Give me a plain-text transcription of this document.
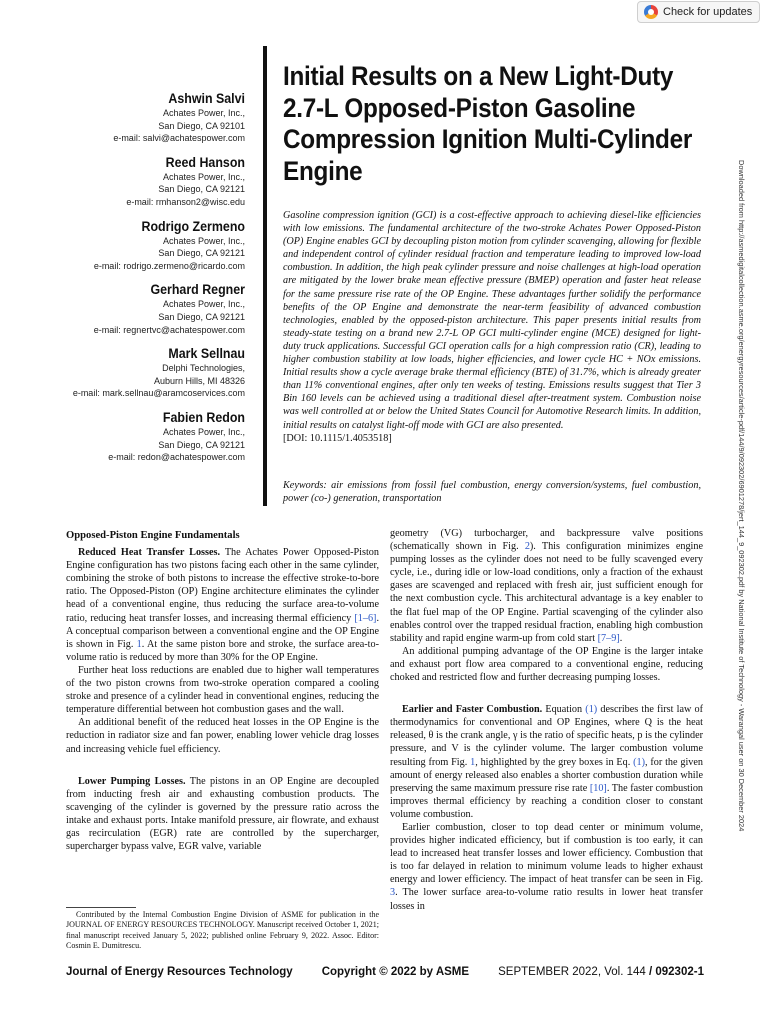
Check for updates
Ashwin Salvi
Achates Power, Inc.,
San Diego, CA 92101
e-mail: salvi@achatespower.com
Reed Hanson
Achates Power, Inc.,
San Diego, CA 92121
e-mail: rmhanson2@wisc.edu
Rodrigo Zermeno
Achates Power, Inc.,
San Diego, CA 92121
e-mail: rodrigo.zermeno@ricardo.com
Gerhard Regner
Achates Power, Inc.,
San Diego, CA 92121
e-mail: regnertvc@achatespower.com
Mark Sellnau
Delphi Technologies,
Auburn Hills, MI 48326
e-mail: mark.sellnau@aramcoservices.com
Fabien Redon
Achates Power, Inc.,
San Diego, CA 92121
e-mail: redon@achatespower.com
Initial Results on a New Light-Duty 2.7-L Opposed-Piston Gasoline Compression Ignition Multi-Cylinder Engine
Gasoline compression ignition (GCI) is a cost-effective approach to achieving diesel-like efficiencies with low emissions. The fundamental architecture of the two-stroke Achates Power Opposed-Piston (OP) Engine enables GCI by decoupling piston motion from cylinder scavenging, allowing for flexible and independent control of cylinder residual fraction and temperature leading to improved low-load combustion. In addition, the high peak cylinder pressure and noise challenges at high-load operation are mitigated by the lower brake mean effective pressure (BMEP) operation and faster heat release for the same pressure rise rate of the OP Engine. These advantages further solidify the performance benefits of the OP Engine and demonstrate the near-term feasibility of advanced combustion technologies, enabled by the opposed-piston architecture. This paper presents initial results from steady-state testing on a brand new 2.7-L OP GCI multi-cylinder engine (MCE) designed for light-duty truck applications. Successful GCI operation calls for a high compression ratio (CR), leading to higher combustion stability at low loads, higher efficiencies, and lower cycle HC + NOx emissions. Initial results show a cycle average brake thermal efficiency (BTE) of 31.7%, which is already greater than 11% conventional engines, after only ten weeks of testing. Emissions results suggest that Tier 3 Bin 160 levels can be achieved using a traditional diesel after-treatment system. Combustion noise was well controlled at or below the United States Council for Automotive Research limits. In addition, initial results on catalyst light-off mode with GCI are also presented.
[DOI: 10.1115/1.4053518]
Keywords: air emissions from fossil fuel combustion, energy conversion/systems, fuel combustion, power (co-) generation, transportation	Downloaded from http://asmedigitalcollection.asme.org/energyresources/article-pdf/144/9/092302/6901278/jert_144_9_092302.pdf by National Institute of Technology - Warangal user on 30 December 2024
Opposed-Piston Engine Fundamentals

Reduced Heat Transfer Losses. The Achates Power Opposed-Piston Engine configuration has two pistons facing each other in the same cylinder, combining the stroke of both pistons to increase the effective stroke-to-bore ratio. The Opposed-Piston (OP) Engine architecture eliminates the cylinder head of a conventional engine, thus reducing the surface area-to-volume ratio, reducing heat transfer losses, and increasing thermal efficiency [1–6]. A conceptual comparison between a conventional engine and the OP Engine is shown in Fig. 1. At the same piston bore and stroke, the surface area-to-volume ratio is reduced by more than 30% for the OP Engine.

Further heat loss reductions are enabled due to higher wall temperatures of the two piston crowns from two-stroke operation compared a cooling stroke and presence of a cylinder head in conventional engines, reducing the temperature differential between hot combustion gases and the wall.

An additional benefit of the reduced heat losses in the OP Engine is the reduction in radiator size and fan power, enabling lower vehicle drag losses and increasing vehicle fuel efficiency.

Lower Pumping Losses. The pistons in an OP Engine are decoupled from inducting fresh air and exhausting combustion products. The scavenging of the cylinder is governed by the pressure ratio across the intake and exhaust ports. Intake manifold pressure, air flowrate, and exhaust gas recirculation (EGR) rate are controlled by the supercharger, supercharger bypass valve, EGR valve, variable

geometry (VG) turbocharger, and backpressure valve positions (schematically shown in Fig. 2). This configuration minimizes engine pumping losses as the cylinder does not need to be fully scavenged every cycle, i.e., during idle or low-load conditions, only a fraction of the exhaust gases are scavenged and replaced with fresh air, just sufficient enough for the next combustion cycle. This architectural advantage is a key enabler to the flat fuel map of the OP Engine. Partial scavenging of the cylinder also enables control over the trapped residual fraction, enabling high combustion stability and rapid engine warm-up from cold start [7–9].

An additional pumping advantage of the OP Engine is the larger intake and exhaust port flow area compared to a conventional engine, reducing choked and restricted flow and further decreasing pumping losses.

Earlier and Faster Combustion. Equation (1) describes the first law of thermodynamics for conventional and OP Engines, where Q is the heat released, θ is the crank angle, γ is the ratio of specific heats, p is the cylinder pressure, and V is the cylinder volume. The larger combustion volume resulting from Fig. 1, highlighted by the grey boxes in Eq. (1), for the given amount of energy released also enables a shorter combustion duration while preserving the same maximum pressure rise rate [10]. The faster combustion improves thermal efficiency by reaching a condition closer to constant volume combustion.

Earlier combustion, closer to top dead center or minimum volume, provides higher indicated efficiency, but if combustion is too early, it can lead to increased heat transfer losses and lower efficiency. Combustion that is too far delayed in relation to minimum volume leads to higher exhaust energy and lower efficiency. The impact of heat transfer can be seen in Fig. 3. The lower surface area-to-volume ratio results in lower heat transfer losses in

Contributed by the Internal Combustion Engine Division of ASME for publication in the JOURNAL OF ENERGY RESOURCES TECHNOLOGY. Manuscript received October 1, 2021; final manuscript received January 5, 2022; published online February 9, 2022. Assoc. Editor: Cosmin E. Dumitrescu.
Journal of Energy Resources Technology	Copyright © 2022 by ASME	SEPTEMBER 2022, Vol. 144 / 092302-1
